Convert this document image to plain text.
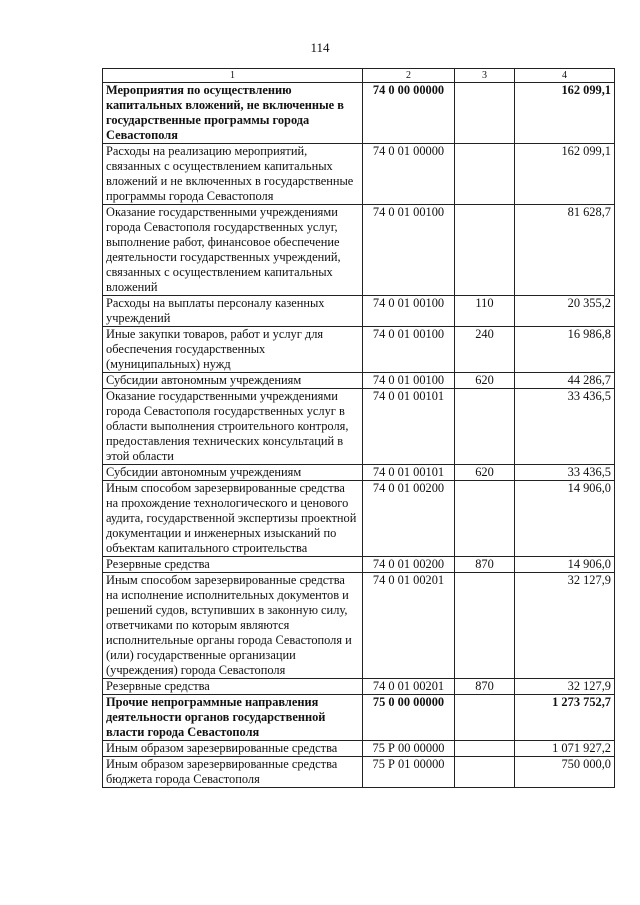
114
1	2	3	4
Мероприятия по осуществлению капитальных вложений, не включенные в государственные программы города Севастополя	74 0 00 00000		162 099,1
Расходы на реализацию мероприятий, связанных с осуществлением капитальных вложений и не включенных в государственные программы города Севастополя	74 0 01 00000		162 099,1
Оказание государственными учреждениями города Севастополя государственных услуг, выполнение работ, финансовое обеспечение деятельности государственных учреждений, связанных с осуществлением капитальных вложений	74 0 01 00100		81 628,7
Расходы на выплаты персоналу казенных учреждений	74 0 01 00100	110	20 355,2
Иные закупки товаров, работ и услуг для обеспечения государственных (муниципальных) нужд	74 0 01 00100	240	16 986,8
Субсидии автономным учреждениям	74 0 01 00100	620	44 286,7
Оказание государственными учреждениями города Севастополя государственных услуг в области выполнения строительного контроля, предоставления технических консультаций в этой области	74 0 01 00101		33 436,5
Субсидии автономным учреждениям	74 0 01 00101	620	33 436,5
Иным способом зарезервированные средства на прохождение технологического и ценового аудита, государственной экспертизы проектной документации и инженерных изысканий по объектам капитального строительства	74 0 01 00200		14 906,0
Резервные средства	74 0 01 00200	870	14 906,0
Иным способом зарезервированные средства на исполнение исполнительных документов и решений судов, вступивших в законную силу, ответчиками по которым являются исполнительные органы города Севастополя и (или) государственные организации (учреждения) города Севастополя	74 0 01 00201		32 127,9
Резервные средства	74 0 01 00201	870	32 127,9
Прочие непрограммные направления деятельности органов государственной власти города Севастополя	75 0 00 00000		1 273 752,7
Иным образом зарезервированные средства	75 Р 00 00000		1 071 927,2
Иным образом зарезервированные средства бюджета города Севастополя	75 Р 01 00000		750 000,0
